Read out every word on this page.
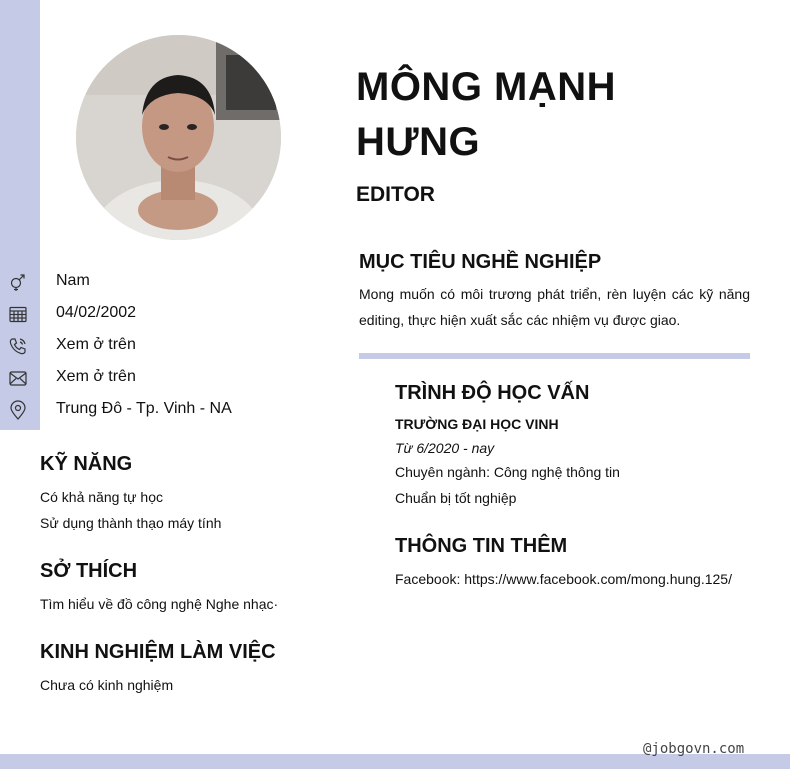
MÔNG MẠNH HƯNG
EDITOR
Nam
04/02/2002
Xem ở trên
Xem ở trên
Trung Đô - Tp. Vinh - NA
KỸ NĂNG
Có khả năng tự học
Sử dụng thành thạo máy tính
SỞ THÍCH
Tìm hiểu về đồ công nghệ Nghe nhạc·
KINH NGHIỆM LÀM VIỆC
Chưa có kinh nghiệm
MỤC TIÊU NGHỀ NGHIỆP
Mong muốn có môi trương phát triển, rèn luyện các kỹ năng editing, thực hiện xuất sắc các nhiệm vụ được giao.
TRÌNH ĐỘ HỌC VẤN
TRƯỜNG ĐẠI HỌC VINH
Từ 6/2020 - nay
Chuyên ngành: Công nghệ thông tin
Chuẩn bị tốt nghiệp
THÔNG TIN THÊM
Facebook: https://www.facebook.com/mong.hung.125/
@jobgovn.com
